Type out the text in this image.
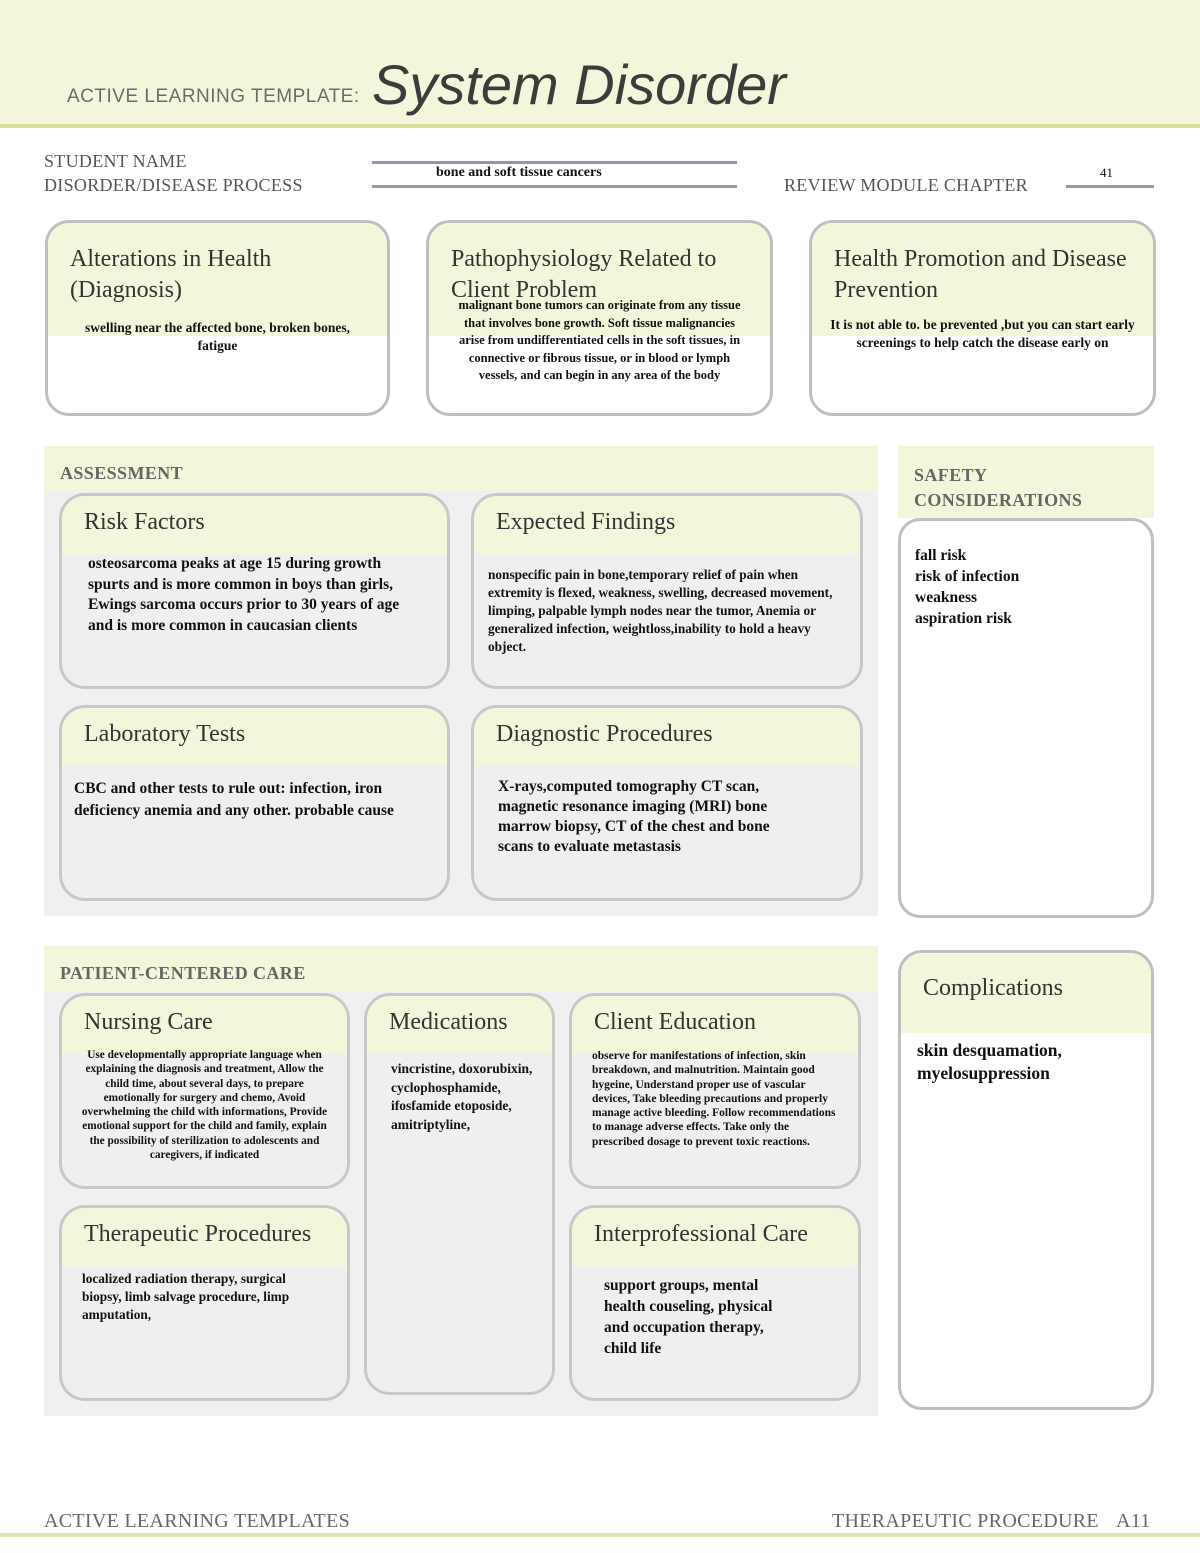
ACTIVE LEARNING TEMPLATE: System Disorder
STUDENT NAME
DISORDER/DISEASE PROCESS
bone and soft tissue cancers
REVIEW MODULE CHAPTER
41
Alterations in Health (Diagnosis)
swelling near the affected bone, broken bones, fatigue
Pathophysiology Related to Client Problem
malignant bone tumors can originate from any tissue that involves bone growth. Soft tissue malignancies arise from undifferentiated cells in the soft tissues, in connective or fibrous tissue, or in blood or lymph vessels, and can begin in any area of the body
Health Promotion and Disease Prevention
It is not able to. be prevented ,but you can start early screenings to help catch the disease early on
ASSESSMENT
Risk Factors
osteosarcoma peaks at age 15 during growth spurts and is more common in boys than girls, Ewings sarcoma occurs prior to 30 years of age and is more common in caucasian clients
Expected Findings
nonspecific pain in bone,temporary relief of pain when extremity is flexed, weakness, swelling, decreased movement, limping, palpable lymph nodes near the tumor, Anemia or generalized infection, weightloss,inability to hold a heavy object.
Laboratory Tests
CBC and other tests to rule out: infection, iron deficiency anemia and any other. probable cause
Diagnostic Procedures
X-rays,computed tomography CT scan, magnetic resonance imaging (MRI) bone marrow biopsy, CT of the chest and bone scans to evaluate metastasis
SAFETY CONSIDERATIONS
fall risk
risk of infection
weakness
aspiration risk
PATIENT-CENTERED CARE
Nursing Care
Use developmentally appropriate language when explaining the diagnosis and treatment, Allow the child time, about several days, to prepare emotionally for surgery and chemo, Avoid overwhelming the child with informations, Provide emotional support for the child and family, explain the possibility of sterilization to adolescents and caregivers, if indicated
Medications
vincristine, doxorubixin, cyclophosphamide, ifosfamide etoposide, amitriptyline,
Client Education
observe for manifestations of infection, skin breakdown, and malnutrition. Maintain good hygeine, Understand proper use of vascular devices, Take bleeding precautions and properly manage active bleeding. Follow recommendations to manage adverse effects. Take only the prescribed dosage to prevent toxic reactions.
Therapeutic Procedures
localized radiation therapy, surgical biopsy, limb salvage procedure, limp amputation,
Interprofessional Care
support groups, mental health couseling, physical and occupation therapy, child life
Complications
skin desquamation, myelosuppression
ACTIVE LEARNING TEMPLATES	THERAPEUTIC PROCEDURE A11
